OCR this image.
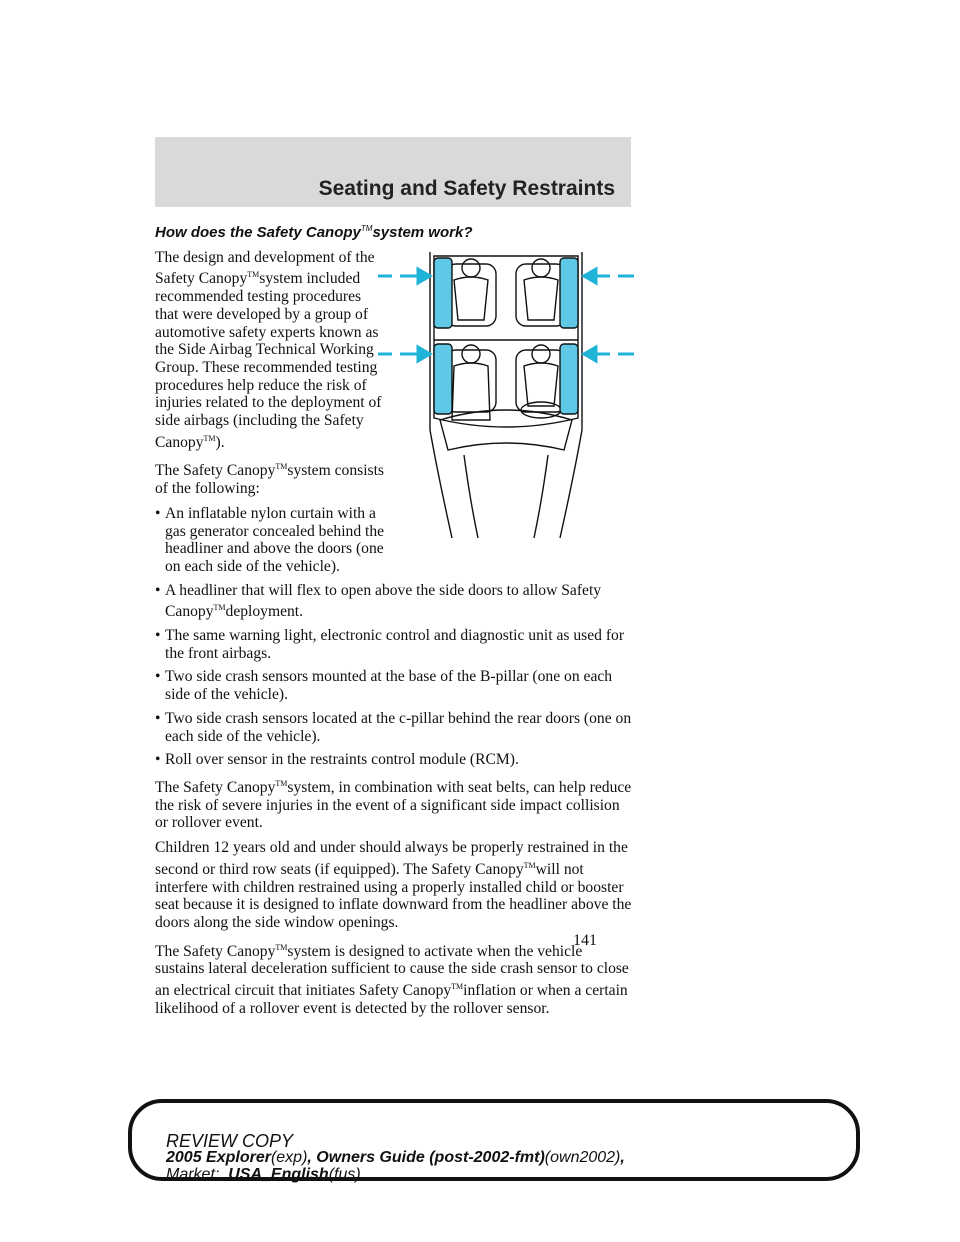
Seating and Safety Restraints
How does the Safety Canopy™system work?

The design and development of the Safety Canopy™system included recommended testing procedures that were developed by a group of automotive safety experts known as the Side Airbag Technical Working Group. These recommended testing procedures help reduce the risk of injuries related to the deployment of side airbags (including the Safety Canopy™).

The Safety Canopy™system consists of the following:

• An inflatable nylon curtain with a gas generator concealed behind the headliner and above the doors (one on each side of the vehicle).
• A headliner that will flex to open above the side doors to allow Safety Canopy™deployment.
• The same warning light, electronic control and diagnostic unit as used for the front airbags.
• Two side crash sensors mounted at the base of the B-pillar (one on each side of the vehicle).
• Two side crash sensors located at the c-pillar behind the rear doors (one on each side of the vehicle).
• Roll over sensor in the restraints control module (RCM).

The Safety Canopy™system, in combination with seat belts, can help reduce the risk of severe injuries in the event of a significant side impact collision or rollover event.

Children 12 years old and under should always be properly restrained in the second or third row seats (if equipped). The Safety Canopy™will not interfere with children restrained using a properly installed child or booster seat because it is designed to inflate downward from the headliner above the doors along the side window openings.

The Safety Canopy™system is designed to activate when the vehicle sustains lateral deceleration sufficient to cause the side crash sensor to close an electrical circuit that initiates Safety Canopy™inflation or when a certain likelihood of a rollover event is detected by the rollover sensor.

141
REVIEW COPY
2005 Explorer(exp), Owners Guide (post-2002-fmt)(own2002),
Market: USA_English(fus)
